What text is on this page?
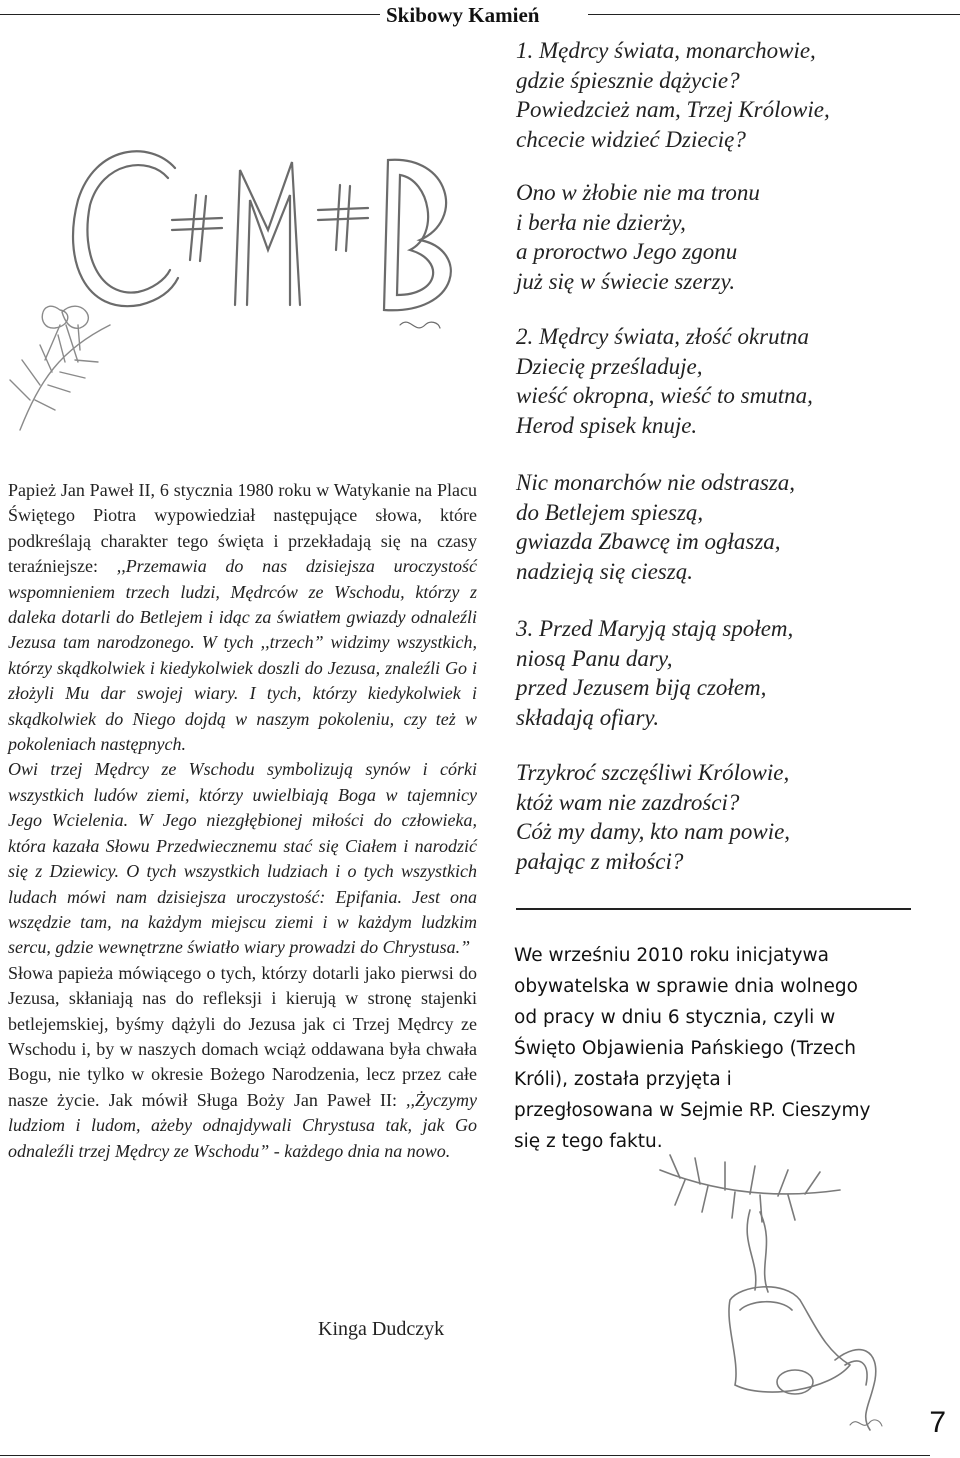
Skibowy Kamień
1. Mędrcy świata, monarchowie,
gdzie śpiesznie dążycie?
Powiedzcież nam, Trzej Królowie,
chcecie widzieć Dziecię?
Ono w żłobie nie ma tronu
i berła nie dzierży,
a proroctwo Jego zgonu
już się w świecie szerzy.
2. Mędrcy świata, złość okrutna
Dziecię prześladuje,
wieść okropna, wieść to smutna,
Herod spisek knuje.
Nic monarchów nie odstrasza,
do Betlejem spieszą,
gwiazda Zbawcę im ogłasza,
nadzieją się cieszą.
3. Przed Maryją stają społem,
niosą Panu dary,
przed Jezusem biją czołem,
składają ofiary.
Trzykroć szczęśliwi Królowie,
któż wam nie zazdrości?
Cóż my damy, kto nam powie,
pałając z miłości?

Papież Jan Paweł II, 6 stycznia 1980 roku w Watykanie na Placu Świętego Piotra wypowiedział następujące słowa, które podkreślają charakter tego święta i przekładają się na czasy teraźniejsze: ,,Przemawia do nas dzisiejsza uroczystość wspomnieniem trzech ludzi, Mędrców ze Wschodu, którzy z daleka dotarli do Betlejem i idąc za światłem gwiazdy odnaleźli Jezusa tam narodzonego. W tych ,,trzech” widzimy wszystkich, którzy skądkolwiek i kiedykolwiek doszli do Jezusa, znaleźli Go i złożyli Mu dar swojej wiary. I tych, którzy kiedykolwiek i skądkolwiek do Niego dojdą w naszym pokoleniu, czy też w pokoleniach następnych.

Owi trzej Mędrcy ze Wschodu symbolizują synów i córki wszystkich ludów ziemi, którzy uwielbiają Boga w tajemnicy Jego Wcielenia. W Jego niezgłębionej miłości do człowieka, która kazała Słowu Przedwiecznemu stać się Ciałem i narodzić się z Dziewicy. O tych wszystkich ludziach i o tych wszystkich ludach mówi nam dzisiejsza uroczystość: Epifania. Jest ona wszędzie tam, na każdym miejscu ziemi i w każdym ludzkim sercu, gdzie wewnętrzne światło wiary prowadzi do Chrystusa.”

Słowa papieża mówiącego o tych, którzy dotarli jako pierwsi do Jezusa, skłaniają nas do refleksji i kierują w stronę stajenki betlejemskiej, byśmy dążyli do Jezusa jak ci Trzej Mędrcy ze Wschodu i, by w naszych domach wciąż oddawana była chwała Bogu, nie tylko w okresie Bożego Narodzenia, lecz przez całe nasze życie. Jak mówił Sługa Boży Jan Paweł II: ,,Życzymy ludziom i ludom, ażeby odnajdywali Chrystusa tak, jak Go odnaleźli trzej Mędrcy ze Wschodu” - każdego dnia na nowo.

Kinga Dudczyk
We wrześniu 2010 roku inicjatywa
obywatelska w sprawie dnia wolnego
od pracy w dniu 6 stycznia, czyli w
Święto Objawienia Pańskiego (Trzech
Króli), została przyjęta i
przegłosowana w Sejmie RP. Cieszymy
się z tego faktu.
7
